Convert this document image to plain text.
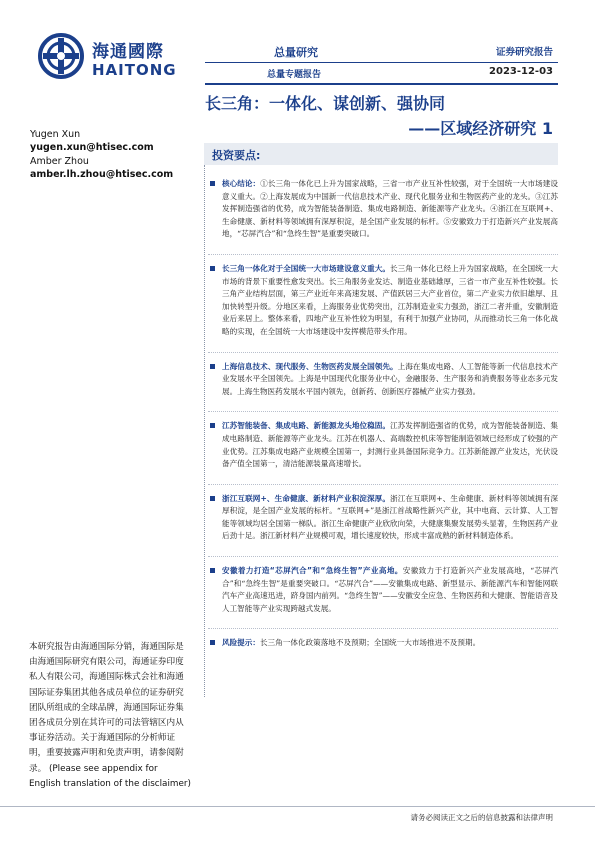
海通國際
HAITONG
总量研究
总量专题报告
证券研究报告
2023-12-03
长三角：一体化、谋创新、强协同
——区域经济研究 1
Yugen Xun
yugen.xun@htisec.com
Amber Zhou
amber.lh.zhou@htisec.com
投资要点:
核心结论：①长三角一体化已上升为国家战略，三省一市产业互补性较强，对于全国统一大市场建设意义重大。②上海发展成为中国新一代信息技术产业、现代化服务业和生物医药产业的龙头。③江苏发挥制造强省的优势，成为智能装备制造、集成电路制造、新能源等产业龙头。④浙江在互联网+、生命健康、新材料等领域拥有深厚积淀，是全国产业发展的标杆。⑤安徽致力于打造新兴产业发展高地，“芯屏汽合”和“急终生智”是重要突破口。
长三角一体化对于全国统一大市场建设意义重大。长三角一体化已经上升为国家战略，在全国统一大市场的背景下重要性愈发突出。长三角服务业发达、制造业基础雄厚，三省一市产业互补性较强。长三角产业结构层面，第三产业近年来高速发展、产值跃居三大产业首位，第二产业实力依旧雄厚、且加快转型升级。分地区来看，上海服务业优势突出，江苏制造业实力强劲，浙江二者并重，安徽制造业后来居上。整体来看，四地产业互补性较为明显，有利于加强产业协同，从而推动长三角一体化战略的实现，在全国统一大市场建设中发挥模范带头作用。
上海信息技术、现代服务、生物医药发展全国领先。上海在集成电路、人工智能等新一代信息技术产业发展水平全国领先。上海是中国现代化服务业中心，金融服务、生产服务和消费服务等业态多元发展。上海生物医药发展水平国内领先，创新药、创新医疗器械产业实力强劲。
江苏智能装备、集成电路、新能源龙头地位稳固。江苏发挥制造强省的优势，成为智能装备制造、集成电路制造、新能源等产业龙头。江苏在机器人、高端数控机床等智能制造领域已经形成了较强的产业优势。江苏集成电路产业规模全国第一，封测行业具备国际竞争力。江苏新能源产业发达，光伏设备产值全国第一，清洁能源装量高速增长。
浙江互联网+、生命健康、新材料产业积淀深厚。浙江在互联网+、生命健康、新材料等领域拥有深厚积淀，是全国产业发展的标杆。“互联网+”是浙江首战略性新兴产业，其中电商、云计算、人工智能等领域均居全国第一梯队。浙江生命健康产业欣欣向荣，大健康集聚发展势头显著，生物医药产业后劲十足。浙江新材料产业规模可观，增长速度较快，形成丰富成熟的新材料制造体系。
安徽着力打造“芯屏汽合”和“急终生智”产业高地。安徽致力于打造新兴产业发展高地，“芯屏汽合”和“急终生智”是重要突破口。“芯屏汽合”——安徽集成电路、新型显示、新能源汽车和智能网联汽车产业高速迅进，跻身国内前列。“急终生智”——安徽安全应急、生物医药和大健康、智能语音及人工智能等产业实现跨越式发展。
风险提示：长三角一体化政策落地不及预期；全国统一大市场推进不及预期。
本研究报告由海通国际分销，海通国际是由海通国际研究有限公司，海通证券印度私人有限公司，海通国际株式会社和海通国际证券集团其他各成员单位的证券研究团队所组成的全球品牌，海通国际证券集团各成员分别在其许可的司法管辖区内从事证券活动。关于海通国际的分析师证明，重要披露声明和免责声明，请参阅附录。 (Please see appendix for English translation of the disclaimer)
请务必阅读正文之后的信息披露和法律声明
